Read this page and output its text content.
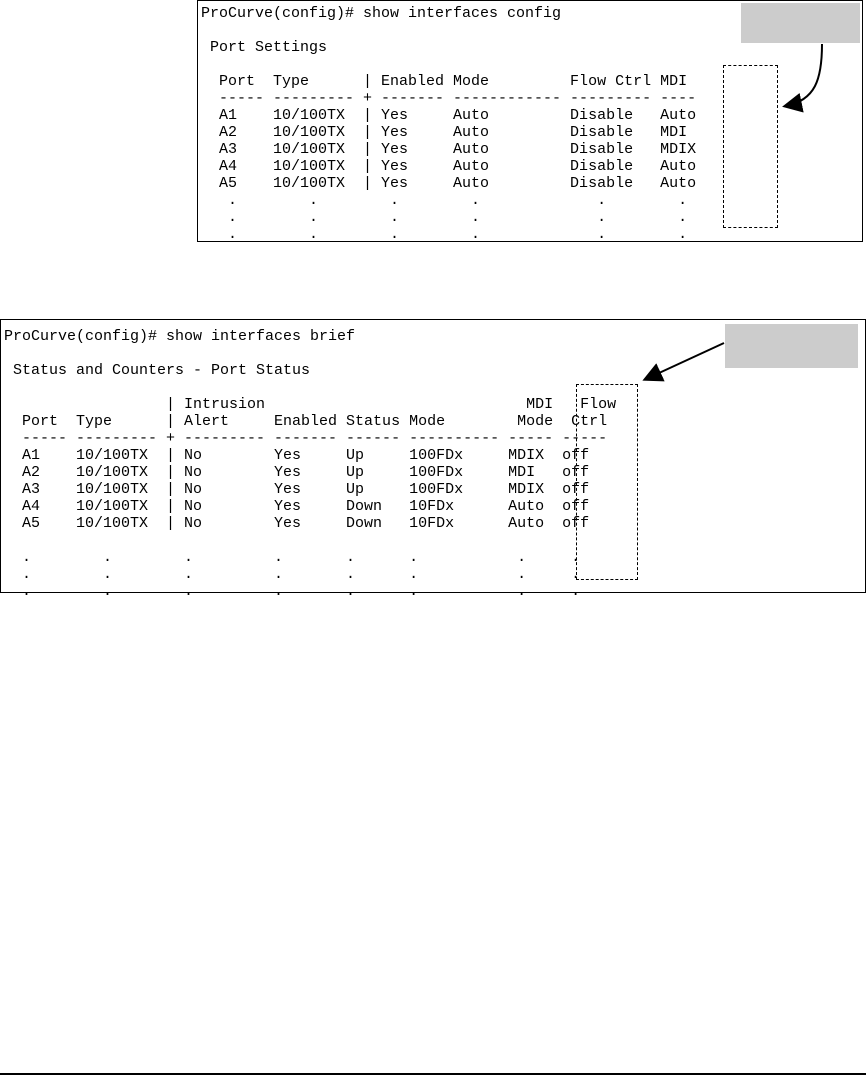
ProCurve(config)# show interfaces config

Port Settings

Port  Type      | Enabled Mode         Flow Ctrl MDI
----- --------- + ------- ------------ --------- ----
A1    10/100TX  | Yes     Auto         Disable   Auto
A2    10/100TX  | Yes     Auto         Disable   MDI
A3    10/100TX  | Yes     Auto         Disable   MDIX
A4    10/100TX  | Yes     Auto         Disable   Auto
A5    10/100TX  | Yes     Auto         Disable   Auto
.        .        .        .             .        .
.        .        .        .             .        .
.        .        .        .             .        .
ProCurve(config)# show interfaces brief

Status and Counters - Port Status

| Intrusion                             MDI   Flow
Port  Type      | Alert     Enabled Status Mode        Mode  Ctrl
----- --------- + --------- ------- ------ ---------- ----- -----
A1    10/100TX  | No        Yes     Up     100FDx     MDIX  off
A2    10/100TX  | No        Yes     Up     100FDx     MDI   off
A3    10/100TX  | No        Yes     Up     100FDx     MDIX  off
A4    10/100TX  | No        Yes     Down   10FDx      Auto  off
A5    10/100TX  | No        Yes     Down   10FDx      Auto  off

.        .        .         .       .      .           .     .
.        .        .         .       .      .           .     .
.        .        .         .       .      .           .     .
